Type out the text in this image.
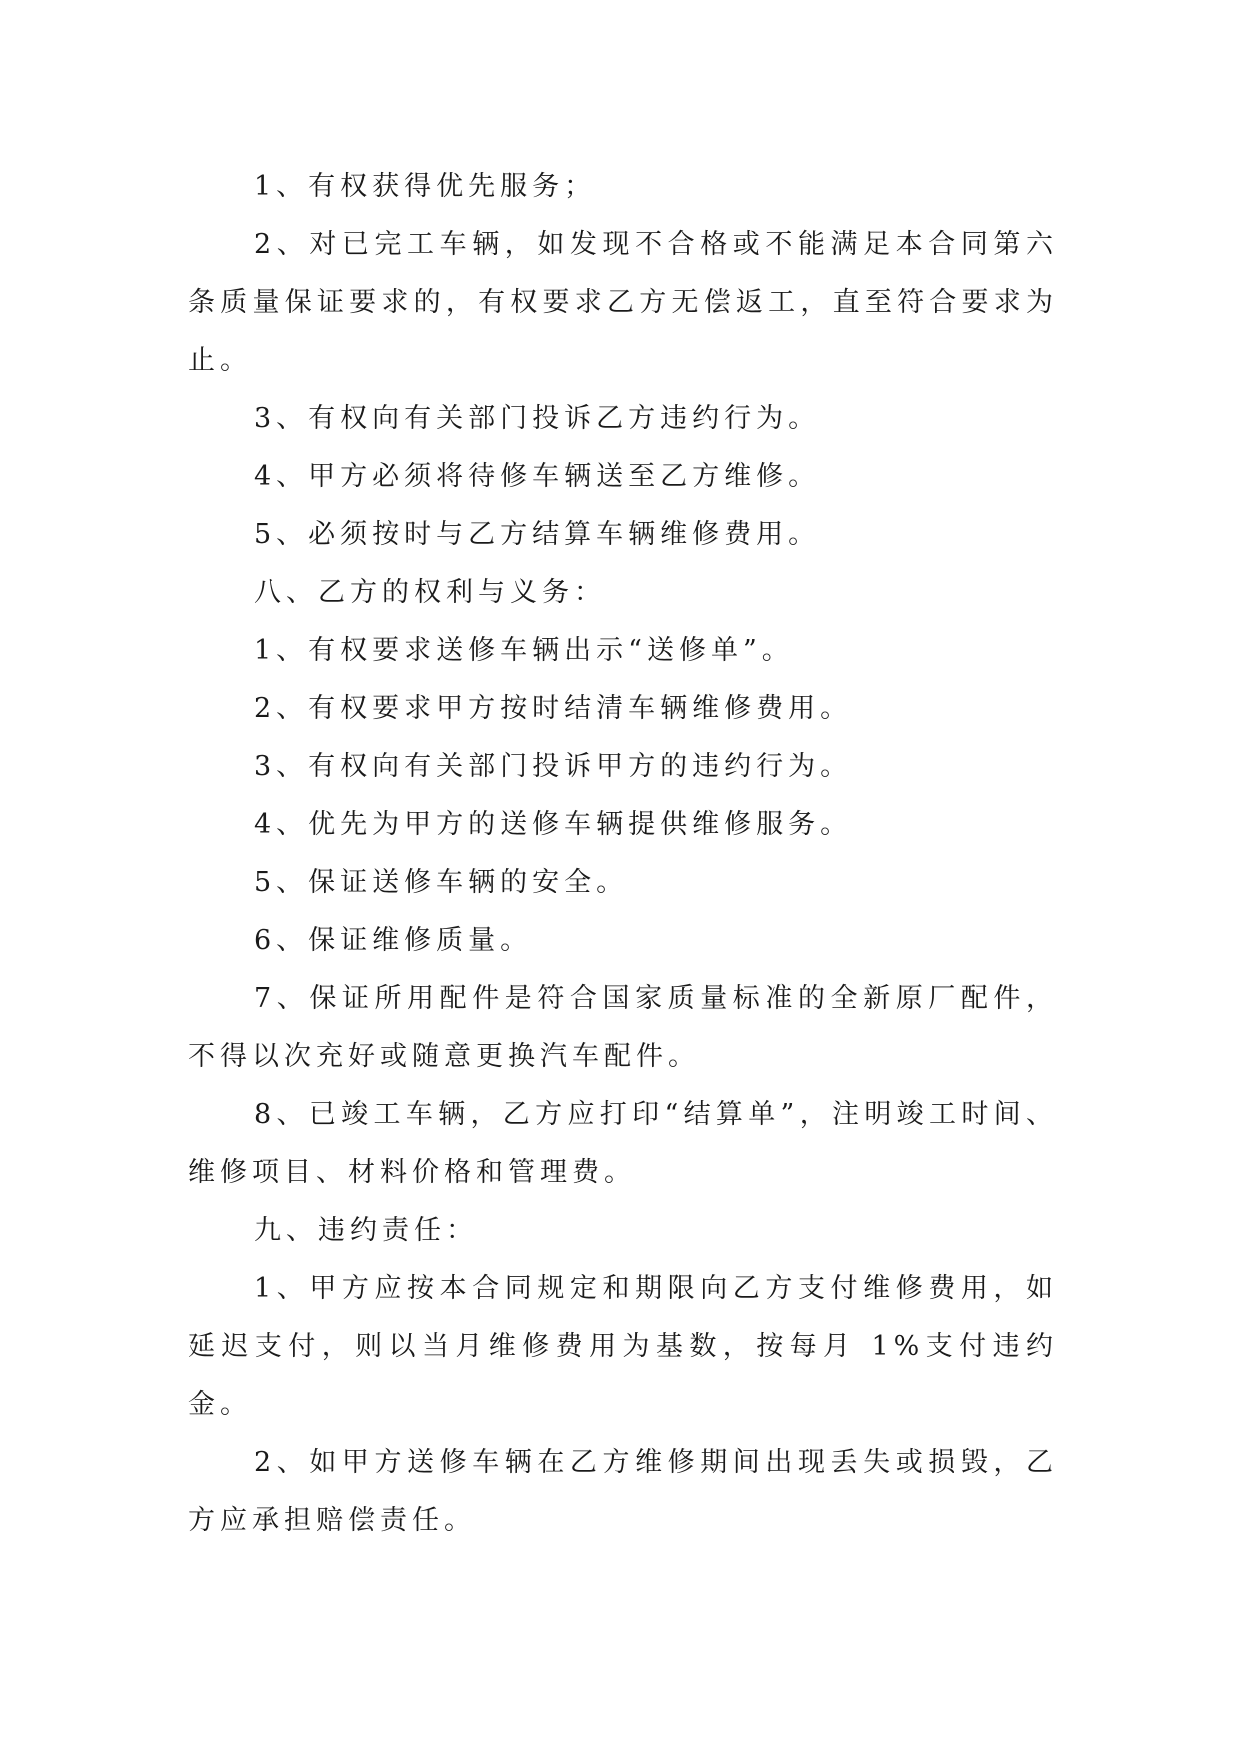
1、有权获得优先服务；

2、对已完工车辆，如发现不合格或不能满足本合同第六条质量保证要求的，有权要求乙方无偿返工，直至符合要求为止。

3、有权向有关部门投诉乙方违约行为。

4、甲方必须将待修车辆送至乙方维修。

5、必须按时与乙方结算车辆维修费用。

八、乙方的权利与义务：

1、有权要求送修车辆出示“送修单”。

2、有权要求甲方按时结清车辆维修费用。

3、有权向有关部门投诉甲方的违约行为。

4、优先为甲方的送修车辆提供维修服务。

5、保证送修车辆的安全。

6、保证维修质量。

7、保证所用配件是符合国家质量标准的全新原厂配件，不得以次充好或随意更换汽车配件。

8、已竣工车辆，乙方应打印“结算单”，注明竣工时间、维修项目、材料价格和管理费。

九、违约责任：

1、甲方应按本合同规定和期限向乙方支付维修费用，如延迟支付，则以当月维修费用为基数，按每月 1%支付违约金。

2、如甲方送修车辆在乙方维修期间出现丢失或损毁，乙方应承担赔偿责任。
